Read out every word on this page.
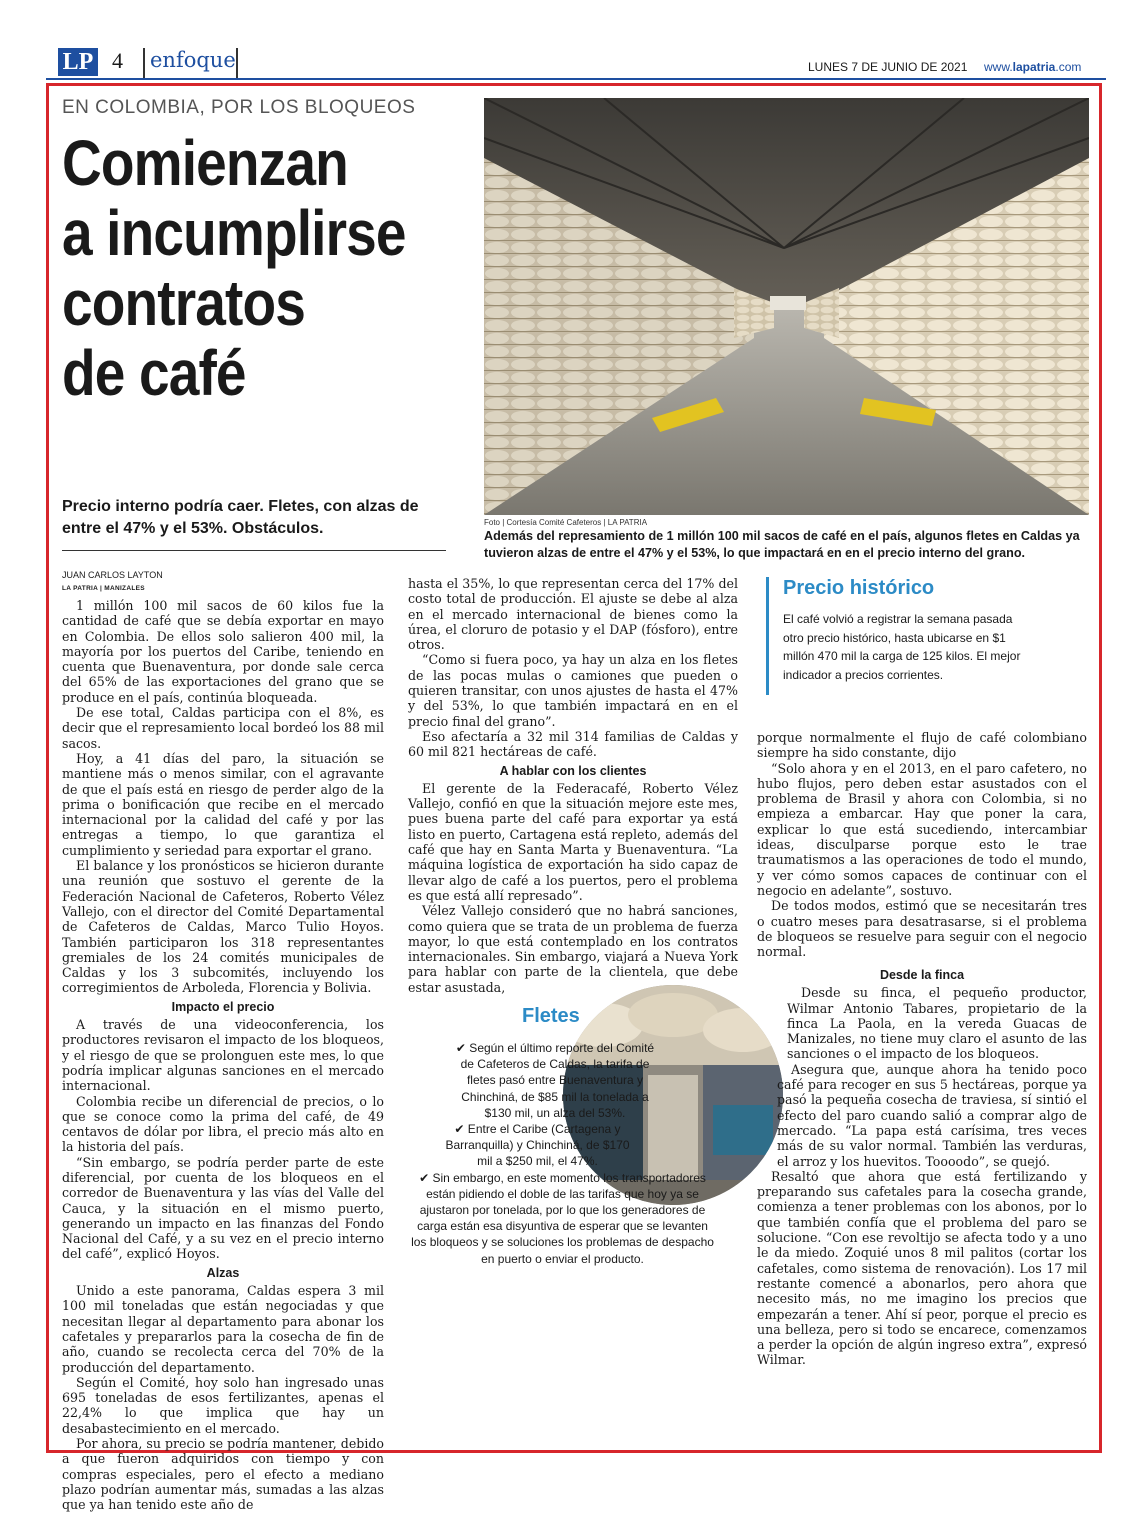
LP 4 enfoque	LUNES 7 DE JUNIO DE 2021 www.lapatria.com
EN COLOMBIA, POR LOS BLOQUEOS
Comienzan
a incumplirse
contratos
de café
Precio interno podría caer. Fletes, con alzas de entre el 47% y el 53%. Obstáculos.	Foto | Cortesía Comité Cafeteros | LA PATRIA
Además del represamiento de 1 millón 100 mil sacos de café en el país, algunos fletes en Caldas ya tuvieron alzas de entre el 47% y el 53%, lo que impactará en en el precio interno del grano.
JUAN CARLOS LAYTON
LA PATRIA | MANIZALES

1 millón 100 mil sacos de 60 kilos fue la cantidad de café que se debía exportar en mayo en Colombia. De ellos solo salieron 400 mil, la mayoría por los puertos del Caribe, teniendo en cuenta que Buenaventura, por donde sale cerca del 65% de las exportaciones del grano que se produce en el país, continúa bloqueada.

De ese total, Caldas participa con el 8%, es decir que el represamiento local bordeó los 88 mil sacos.

Hoy, a 41 días del paro, la situación se mantiene más o menos similar, con el agravante de que el país está en riesgo de perder algo de la prima o bonificación que recibe en el mercado internacional por la calidad del café y por las entregas a tiempo, lo que garantiza el cumplimiento y seriedad para exportar el grano.

El balance y los pronósticos se hicieron durante una reunión que sostuvo el gerente de la Federación Nacional de Cafeteros, Roberto Vélez Vallejo, con el director del Comité Departamental de Cafeteros de Caldas, Marco Tulio Hoyos. También participaron los 318 representantes gremiales de los 24 comités municipales de Caldas y los 3 subcomités, incluyendo los corregimientos de Arboleda, Florencia y Bolivia.

Impacto el precio

A través de una videoconferencia, los productores revisaron el impacto de los bloqueos, y el riesgo de que se prolonguen este mes, lo que podría implicar algunas sanciones en el mercado internacional.

Colombia recibe un diferencial de precios, o lo que se conoce como la prima del café, de 49 centavos de dólar por libra, el precio más alto en la historia del país.

“Sin embargo, se podría perder parte de este diferencial, por cuenta de los bloqueos en el corredor de Buenaventura y las vías del Valle del Cauca, y la situación en el mismo puerto, generando un impacto en las finanzas del Fondo Nacional del Café, y a su vez en el precio interno del café”, explicó Hoyos.

Alzas

Unido a este panorama, Caldas espera 3 mil 100 mil toneladas que están negociadas y que necesitan llegar al departamento para abonar los cafetales y prepararlos para la cosecha de fin de año, cuando se recolecta cerca del 70% de la producción del departamento.

Según el Comité, hoy solo han ingresado unas 695 toneladas de esos fertilizantes, apenas el 22,4% lo que implica que hay un desabastecimiento en el mercado.

Por ahora, su precio se podría mantener, debido a que fueron adquiridos con tiempo y con compras especiales, pero el efecto a mediano plazo podrían aumentar más, sumadas a las alzas que ya han tenido este año de

hasta el 35%, lo que representan cerca del 17% del costo total de producción. El ajuste se debe al alza en el mercado internacional de bienes como la úrea, el cloruro de potasio y el DAP (fósforo), entre otros.

“Como si fuera poco, ya hay un alza en los fletes de las pocas mulas o camiones que pueden o quieren transitar, con unos ajustes de hasta el 47% y del 53%, lo que también impactará en en el precio final del grano”.

Eso afectaría a 32 mil 314 familias de Caldas y 60 mil 821 hectáreas de café.

A hablar con los clientes

El gerente de la Federacafé, Roberto Vélez Vallejo, confió en que la situación mejore este mes, pues buena parte del café para exportar ya está listo en puerto, Cartagena está repleto, además del café que hay en Santa Marta y Buenaventura. “La máquina logística de exportación ha sido capaz de llevar algo de café a los puertos, pero el problema es que está allí represado”.

Vélez Vallejo consideró que no habrá sanciones, como quiera que se trata de un problema de fuerza mayor, lo que está contemplado en los contratos internacionales. Sin embargo, viajará a Nueva York para hablar con parte de la clientela, que debe estar asustada,

Precio histórico
El café volvió a registrar la semana pasada otro precio histórico, hasta ubicarse en $1 millón 470 mil la carga de 125 kilos. El mejor indicador a precios corrientes.

porque normalmente el flujo de café colombiano siempre ha sido constante, dijo

“Solo ahora y en el 2013, en el paro cafetero, no hubo flujos, pero deben estar asustados con el problema de Brasil y ahora con Colombia, si no empieza a embarcar. Hay que poner la cara, explicar lo que está sucediendo, intercambiar ideas, disculparse porque esto le trae traumatismos a las operaciones de todo el mundo, y ver cómo somos capaces de continuar con el negocio en adelante”, sostuvo.

De todos modos, estimó que se necesitarán tres o cuatro meses para desatrasarse, si el problema de bloqueos se resuelve para seguir con el negocio normal.

Fletes

✔ Según el último reporte del Comité de Cafeteros de Caldas, la tarifa de fletes pasó entre Buenaventura y Chinchiná, de $85 mil la tonelada a $130 mil, un alza del 53%.

✔ Entre el Caribe (Cartagena y Barranquilla) y Chinchiná, de $170 mil a $250 mil, el 47%.

✔ Sin embargo, en este momento los transportadores están pidiendo el doble de las tarifas que hoy ya se ajustaron por tonelada, por lo que los generadores de carga están esa disyuntiva de esperar que se levanten los bloqueos y se soluciones los problemas de despacho en puerto o enviar el producto.

Desde la finca

Desde su finca, el pequeño productor, Wilmar Antonio Tabares, propietario de la finca La Paola, en la vereda Guacas de Manizales, no tiene muy claro el asunto de las sanciones o el impacto de los bloqueos.

Asegura que, aunque ahora ha tenido poco café para recoger en sus 5 hectáreas, porque ya pasó la pequeña cosecha de traviesa, sí sintió el efecto del paro cuando salió a comprar algo de mercado. “La papa está carísima, tres veces más de su valor normal. También las verduras, el arroz y los huevitos. Toooodo”, se quejó.

Resaltó que ahora que está fertilizando y preparando sus cafetales para la cosecha grande, comienza a tener problemas con los abonos, por lo que también confía que el problema del paro se solucione. “Con ese revoltijo se afecta todo y a uno le da miedo. Zoquié unos 8 mil palitos (cortar los cafetales, como sistema de renovación). Los 17 mil restante comencé a abonarlos, pero ahora que necesito más, no me imagino los precios que empezarán a tener. Ahí sí peor, porque el precio es una belleza, pero si todo se encarece, comenzamos a perder la opción de algún ingreso extra”, expresó Wilmar.
